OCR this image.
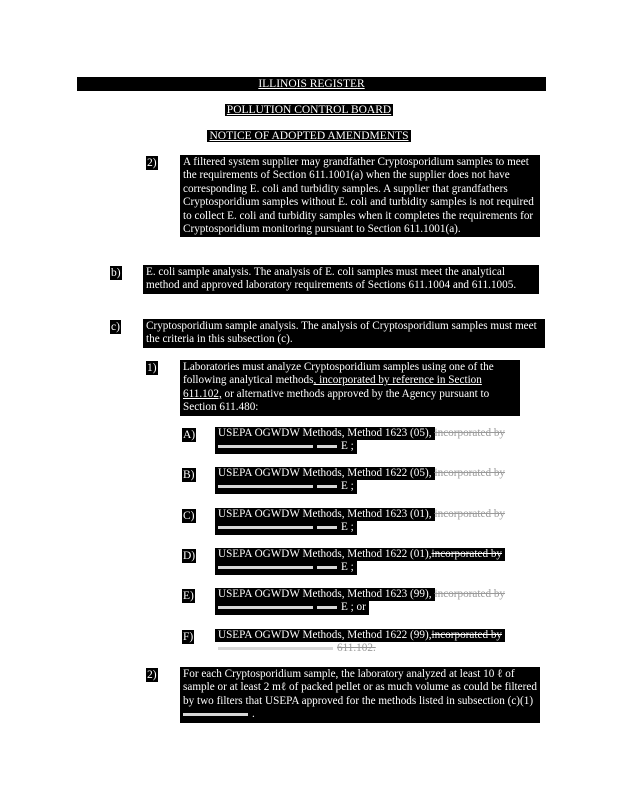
ILLINOIS REGISTER
POLLUTION CONTROL BOARD
NOTICE OF ADOPTED AMENDMENTS
2) A filtered system supplier may grandfather Cryptosporidium samples to meet the requirements of Section 611.1001(a) when the supplier does not have corresponding E. coli and turbidity samples. A supplier that grandfathers Cryptosporidium samples without E. coli and turbidity samples is not required to collect E. coli and turbidity samples when it completes the requirements for Cryptosporidium monitoring pursuant to Section 611.1001(a).
b) E. coli sample analysis. The analysis of E. coli samples must meet the analytical method and approved laboratory requirements of Sections 611.1004 and 611.1005.
c) Cryptosporidium sample analysis. The analysis of Cryptosporidium samples must meet the criteria in this subsection (c).
1) Laboratories must analyze Cryptosporidium samples using one of the following analytical methods, incorporated by reference in Section 611.102, or alternative methods approved by the Agency pursuant to Section 611.480:
A) USEPA OGWDW Methods, Method 1623 (05), incorporated by
E ;
B) USEPA OGWDW Methods, Method 1622 (05), incorporated by
E ;
C) USEPA OGWDW Methods, Method 1623 (01), incorporated by
E ;
D) USEPA OGWDW Methods, Method 1622 (01),incorporated by
E ;
E) USEPA OGWDW Methods, Method 1623 (99), incorporated by
E ; or
F) USEPA OGWDW Methods, Method 1622 (99),incorporated by
611.102.
2) For each Cryptosporidium sample, the laboratory analyzed at least 10 ℓ of sample or at least 2 mℓ of packed pellet or as much volume as could be filtered by two filters that USEPA approved for the methods listed in subsection (c)(1) .
